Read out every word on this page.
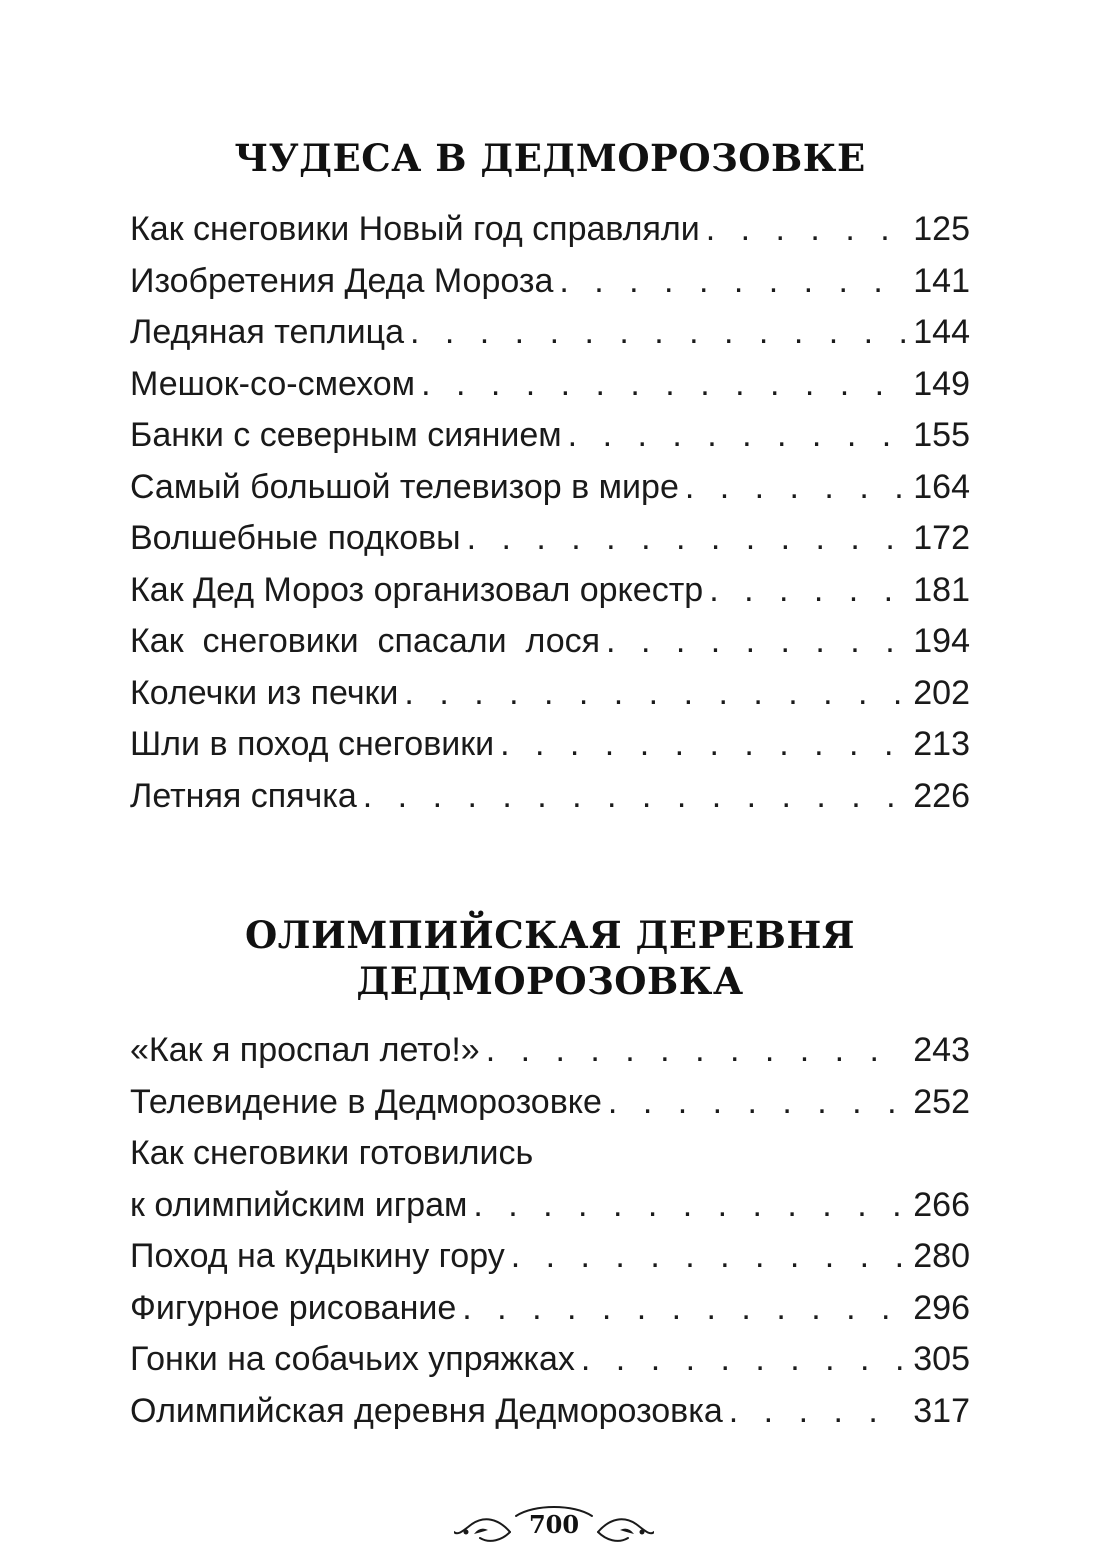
ЧУДЕСА В ДЕДМОРОЗОВКЕ
Как снеговики Новый год справляли . . .	125
Изобретения Деда Мороза . . .	141
Ледяная теплица . . .	144
Мешок-со-смехом . . .	149
Банки с северным сиянием . . .	155
Самый большой телевизор в мире . . .	164
Волшебные подковы . . .	172
Как Дед Мороз организовал оркестр . . .	181
Как  снеговики  спасали  лося . . .	194
Колечки из печки . . .	202
Шли в поход снеговики . . .	213
Летняя спячка . . .	226
ОЛИМПИЙСКАЯ ДЕРЕВНЯ
ДЕДМОРОЗОВКА
«Как я проспал лето!» . . .	243
Телевидение в Дедморозовке . . .	252
Как снеговики готовились
к олимпийским играм . . .	266
Поход на кудыкину гору . . .	280
Фигурное рисование . . .	296
Гонки на собачьих упряжках . . .	305
Олимпийская деревня Дедморозовка . . .	317
700
